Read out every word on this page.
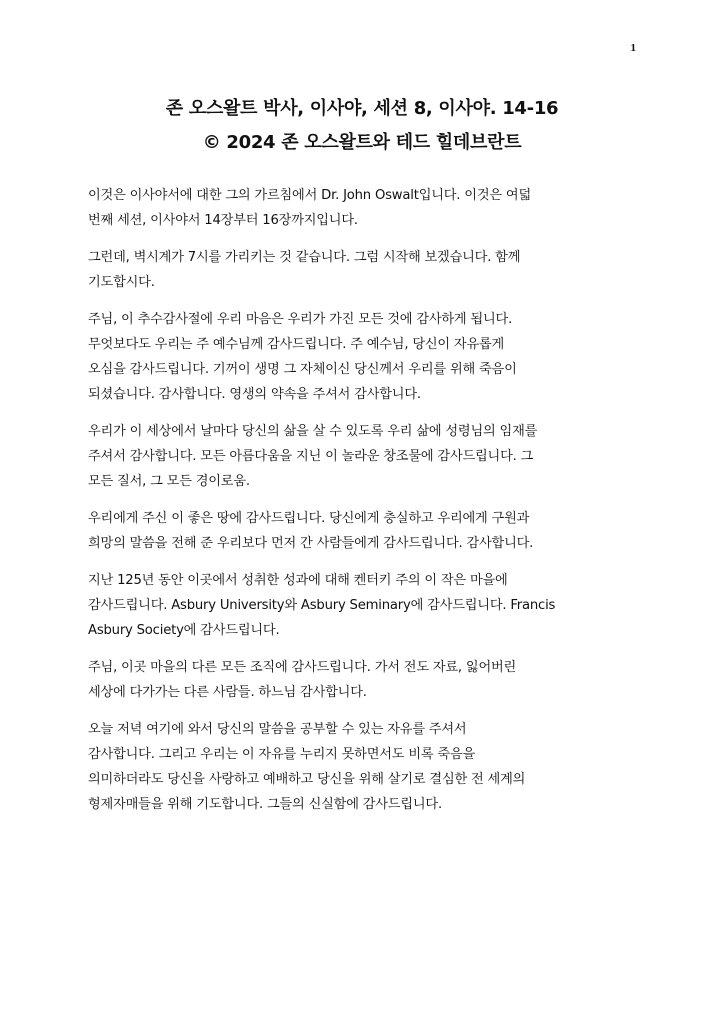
1
존 오스왈트 박사, 이사야, 세션 8, 이사야. 14-16
© 2024 존 오스왈트와 테드 힐데브란트
이것은 이사야서에 대한 그의 가르침에서 Dr. John Oswalt입니다. 이것은 여덟
번째 세션, 이사야서 14장부터 16장까지입니다.
그런데, 벽시계가 7시를 가리키는 것 같습니다. 그럼 시작해 보겠습니다. 함께
기도합시다.
주님, 이 추수감사절에 우리 마음은 우리가 가진 모든 것에 감사하게 됩니다.
무엇보다도 우리는 주 예수님께 감사드립니다. 주 예수님, 당신이 자유롭게
오심을 감사드립니다. 기꺼이 생명 그 자체이신 당신께서 우리를 위해 죽음이
되셨습니다. 감사합니다. 영생의 약속을 주셔서 감사합니다.
우리가 이 세상에서 날마다 당신의 삶을 살 수 있도록 우리 삶에 성령님의 임재를
주셔서 감사합니다. 모든 아름다움을 지닌 이 놀라운 창조물에 감사드립니다. 그
모든 질서, 그 모든 경이로움.
우리에게 주신 이 좋은 땅에 감사드립니다. 당신에게 충실하고 우리에게 구원과
희망의 말씀을 전해 준 우리보다 먼저 간 사람들에게 감사드립니다. 감사합니다.
지난 125년 동안 이곳에서 성취한 성과에 대해 켄터키 주의 이 작은 마을에
감사드립니다. Asbury University와 Asbury Seminary에 감사드립니다. Francis
Asbury Society에 감사드립니다.
주님, 이곳 마을의 다른 모든 조직에 감사드립니다. 가서 전도 자료, 잃어버린
세상에 다가가는 다른 사람들. 하느님 감사합니다.
오늘 저녁 여기에 와서 당신의 말씀을 공부할 수 있는 자유를 주셔서
감사합니다. 그리고 우리는 이 자유를 누리지 못하면서도 비록 죽음을
의미하더라도 당신을 사랑하고 예배하고 당신을 위해 살기로 결심한 전 세계의
형제자매들을 위해 기도합니다. 그들의 신실함에 감사드립니다.
